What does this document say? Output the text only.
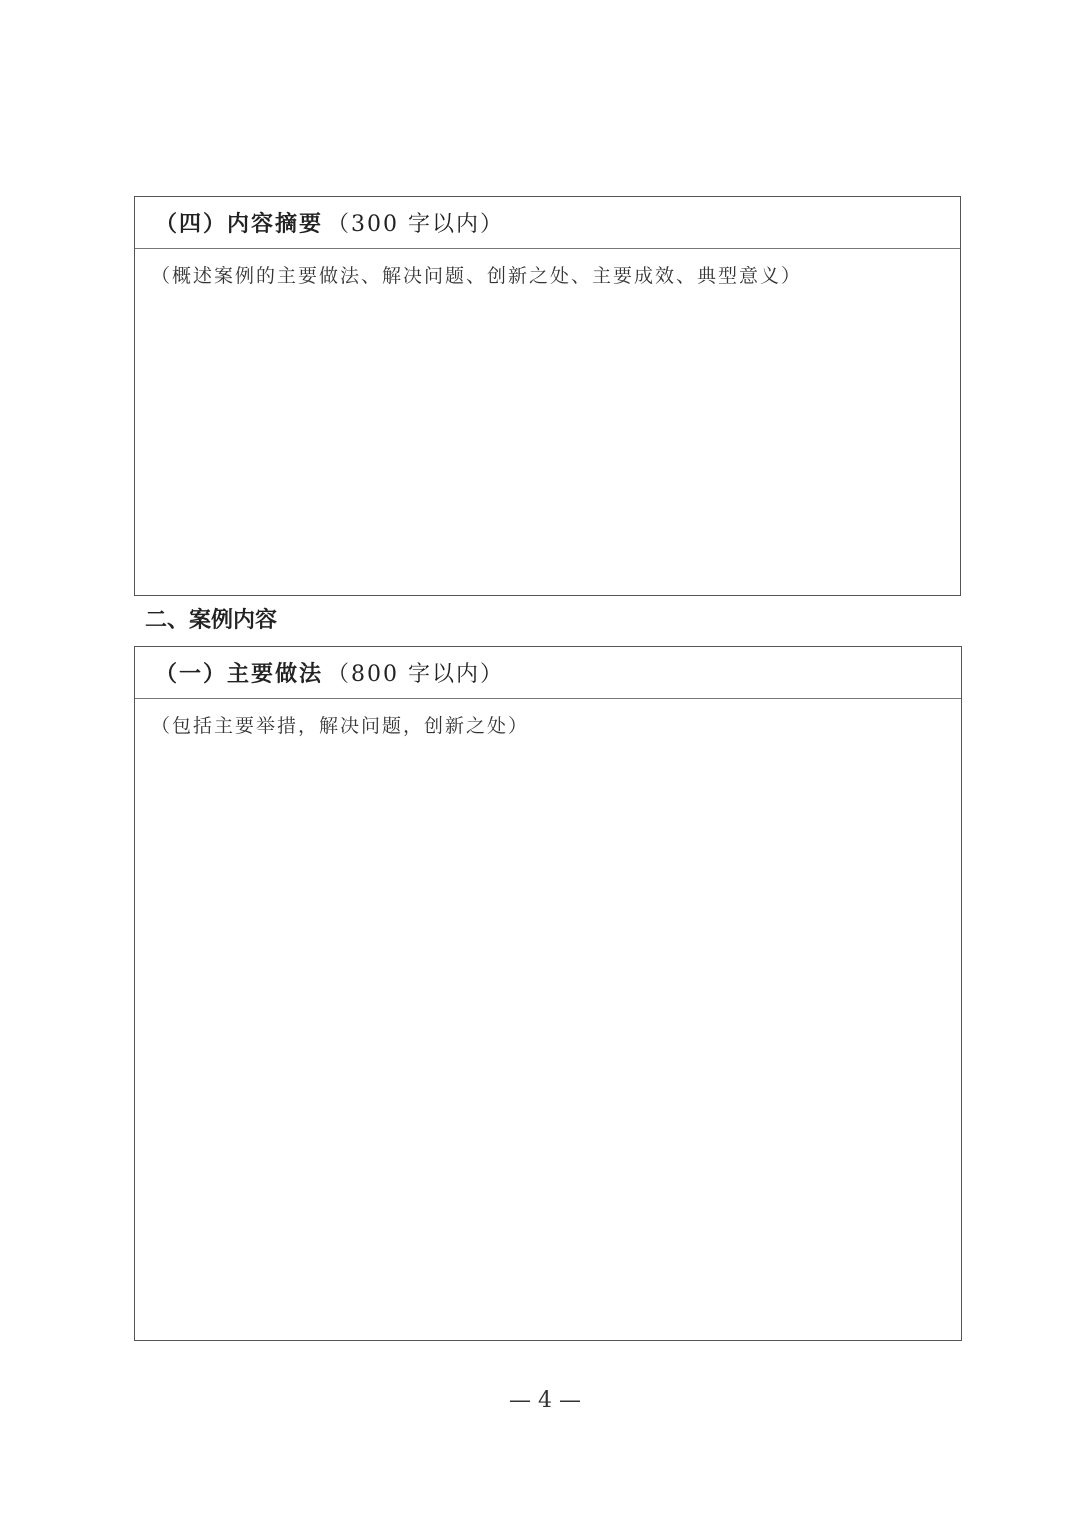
（四）内容摘要 （300 字以内）
（概述案例的主要做法、解决问题、创新之处、主要成效、典型意义）
二、案例内容
（一）主要做法 （800 字以内）
（包括主要举措，解决问题，创新之处）
— 4 —
